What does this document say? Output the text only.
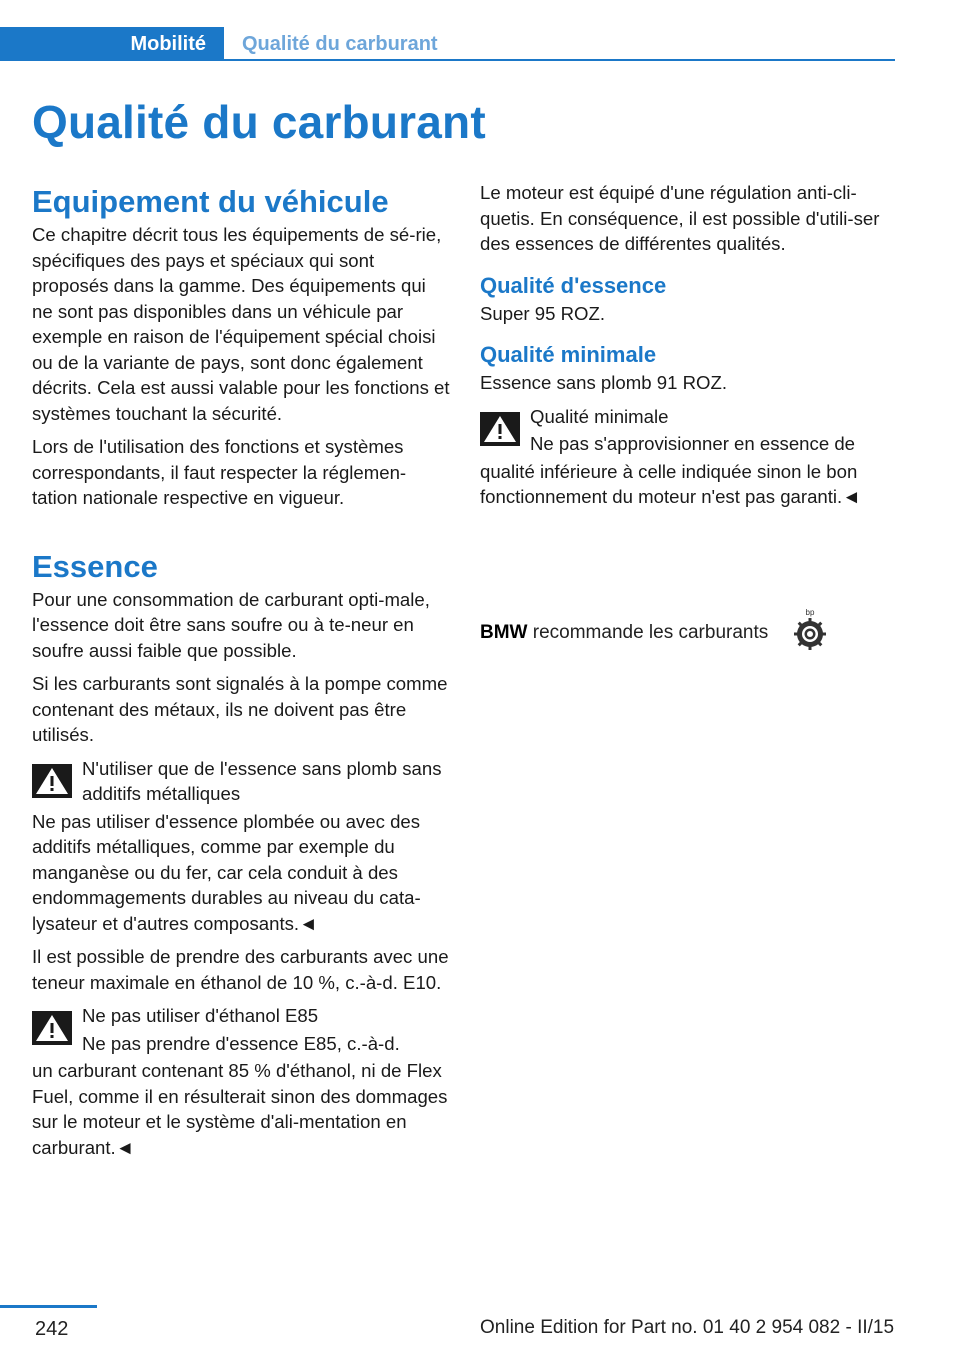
Mobilité Qualité du carburant
Qualité du carburant
Equipement du véhicule

Ce chapitre décrit tous les équipements de sé-rie, spécifiques des pays et spéciaux qui sont proposés dans la gamme. Des équipements qui ne sont pas disponibles dans un véhicule par exemple en raison de l'équipement spécial choisi ou de la variante de pays, sont donc également décrits. Cela est aussi valable pour les fonctions et systèmes touchant la sécurité.

Lors de l'utilisation des fonctions et systèmes correspondants, il faut respecter la réglemen-tation nationale respective en vigueur.

Essence

Pour une consommation de carburant opti-male, l'essence doit être sans soufre ou à te-neur en soufre aussi faible que possible.

Si les carburants sont signalés à la pompe comme contenant des métaux, ils ne doivent pas être utilisés.

N'utiliser que de l'essence sans plomb sans additifs métalliques

Ne pas utiliser d'essence plombée ou avec des additifs métalliques, comme par exemple du manganèse ou du fer, car cela conduit à des endommagements durables au niveau du cata-lysateur et d'autres composants.◄

Il est possible de prendre des carburants avec une teneur maximale en éthanol de 10 %, c.-à-d. E10.

Ne pas utiliser d'éthanol E85

Ne pas prendre d'essence E85, c.-à-d.

un carburant contenant 85 % d'éthanol, ni de Flex Fuel, comme il en résulterait sinon des dommages sur le moteur et le système d'ali-mentation en carburant.◄

Le moteur est équipé d'une régulation anti-cli-quetis. En conséquence, il est possible d'utili-ser des essences de différentes qualités.

Qualité d'essence

Super 95 ROZ.

Qualité minimale

Essence sans plomb 91 ROZ.

Qualité minimale

Ne pas s'approvisionner en essence de

qualité inférieure à celle indiquée sinon le bon fonctionnement du moteur n'est pas garanti.◄

BMW recommande les carburants
bp
242	Online Edition for Part no. 01 40 2 954 082 - II/15
